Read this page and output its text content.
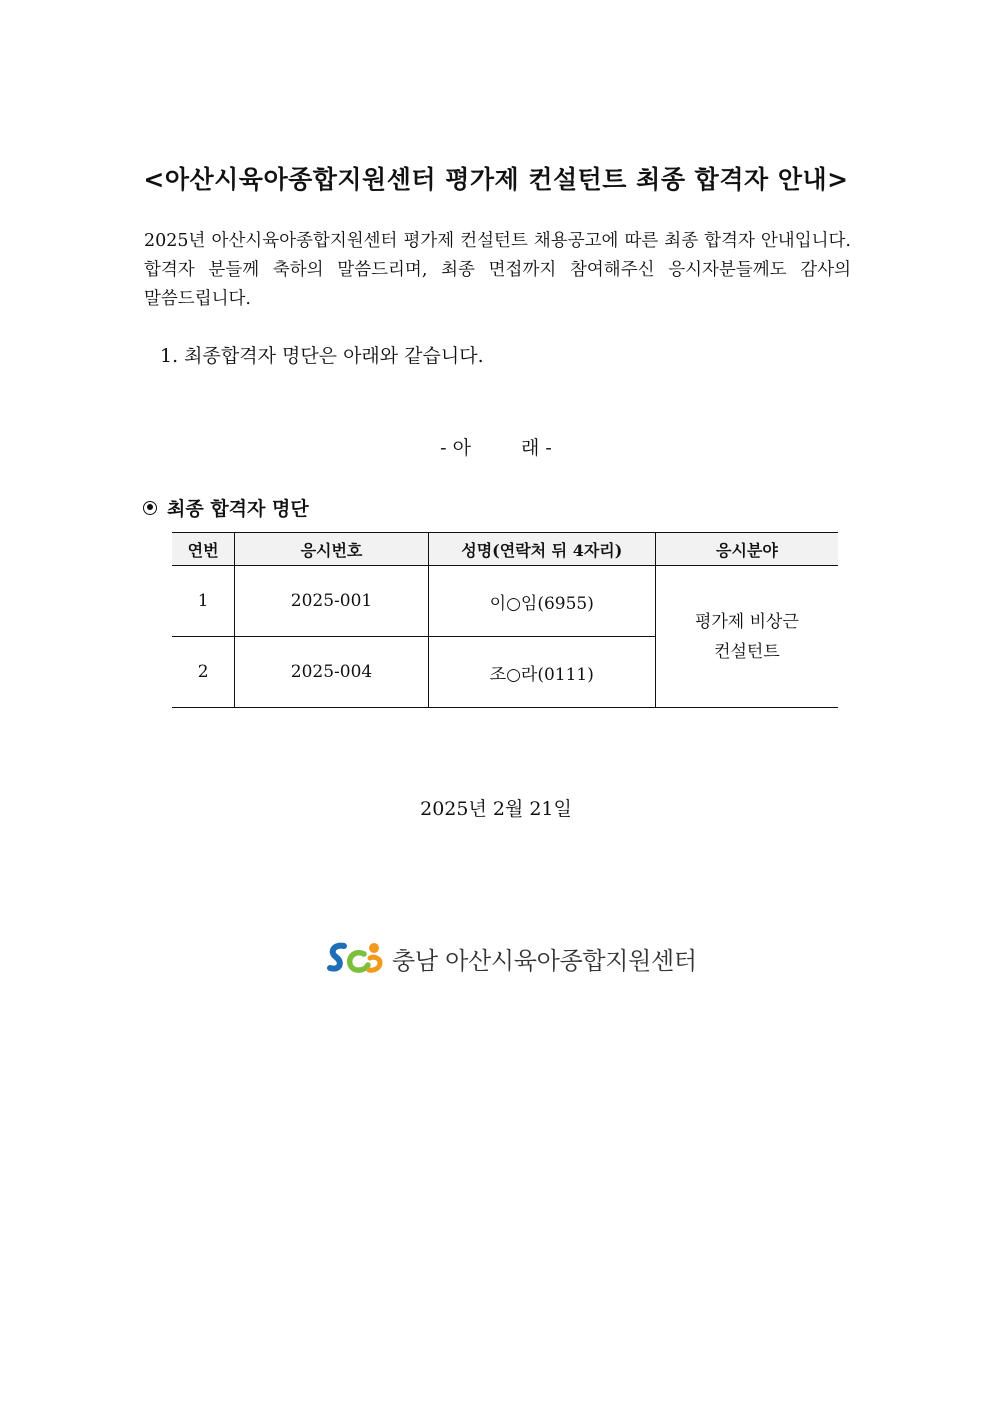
<아산시육아종합지원센터 평가제 컨설턴트 최종 합격자 안내>
2025년 아산시육아종합지원센터 평가제 컨설턴트 채용공고에 따른 최종 합격자 안내입니다. 합격자 분들께 축하의 말씀드리며, 최종 면접까지 참여해주신 응시자분들께도 감사의 말씀드립니다.
1. 최종합격자 명단은 아래와 같습니다.
- 아	래 -
최종 합격자 명단
연번	응시번호	성명(연락처 뒤 4자리)	응시분야
1	2025-001	이○임(6955)	평가제 비상근
컨설턴트

2	2025-004	조○라(0111)	
2025년 2월 21일
충남 아산시육아종합지원센터
